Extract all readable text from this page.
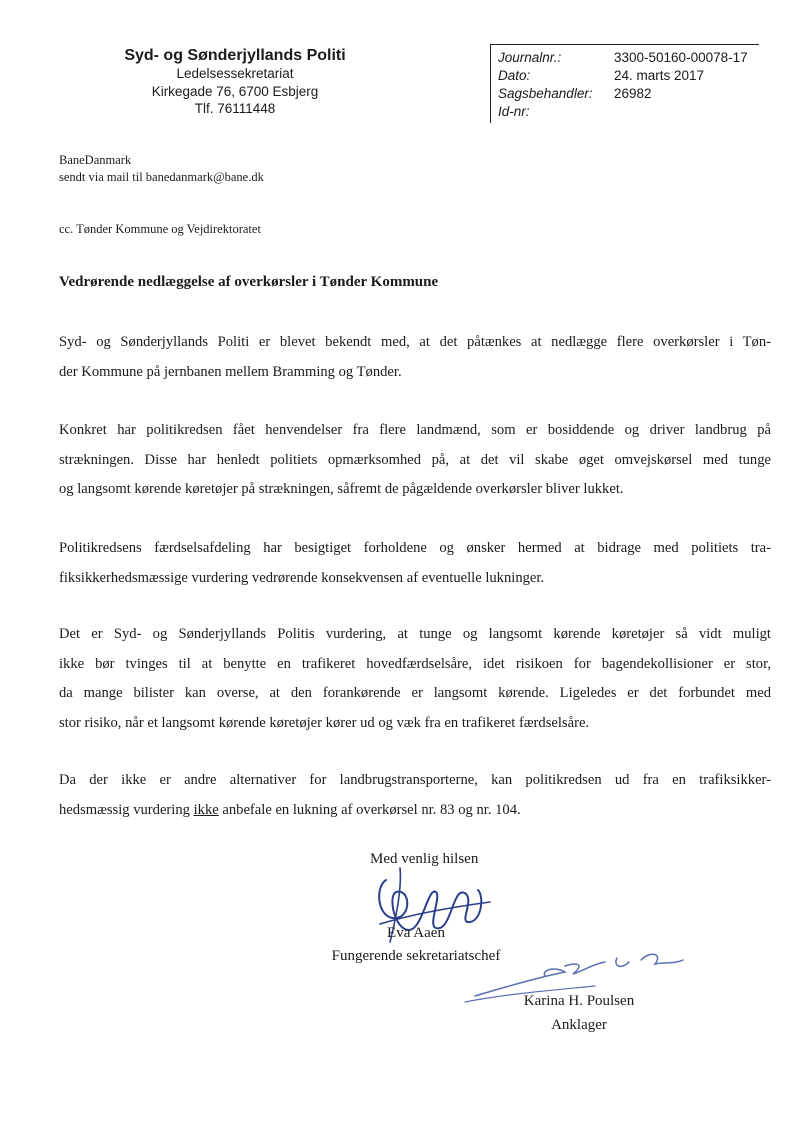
Syd- og Sønderjyllands Politi
Ledelsessekretariat
Kirkegade 76, 6700 Esbjerg
Tlf. 76111448
Journalnr.:	3300-50160-00078-17
Dato:	24. marts 2017
Sagsbehandler: 26982
Id-nr:
BaneDanmark
sendt via mail til banedanmark@bane.dk
cc. Tønder Kommune og Vejdirektoratet
Vedrørende nedlæggelse af overkørsler i Tønder Kommune
Syd- og Sønderjyllands Politi er blevet bekendt med, at det påtænkes at nedlægge flere overkørsler i Tøn-
der Kommune på jernbanen mellem Bramming og Tønder.
Konkret har politikredsen fået henvendelser fra flere landmænd, som er bosiddende og driver landbrug på
strækningen. Disse har henledt politiets opmærksomhed på, at det vil skabe øget omvejskørsel med tunge
og langsomt kørende køretøjer på strækningen, såfremt de pågældende overkørsler bliver lukket.
Politikredsens færdselsafdeling har besigtiget forholdene og ønsker hermed at bidrage med politiets tra-
fiksikkerhedsmæssige vurdering vedrørende konsekvensen af eventuelle lukninger.
Det er Syd- og Sønderjyllands Politis vurdering, at tunge og langsomt kørende køretøjer så vidt muligt
ikke bør tvinges til at benytte en trafikeret hovedfærdselsåre, idet risikoen for bagendekollisioner er stor,
da mange bilister kan overse, at den forankørende er langsomt kørende. Ligeledes er det forbundet med
stor risiko, når et langsomt kørende køretøjer kører ud og væk fra en trafikeret færdselsåre.
Da der ikke er andre alternativer for landbrugstransporterne, kan politikredsen ud fra en trafiksikker-
hedsmæssig vurdering ikke anbefale en lukning af overkørsel nr. 83 og nr. 104.
Med venlig hilsen
Eva Aaen
Fungerende sekretariatschef
Karina H. Poulsen
Anklager
